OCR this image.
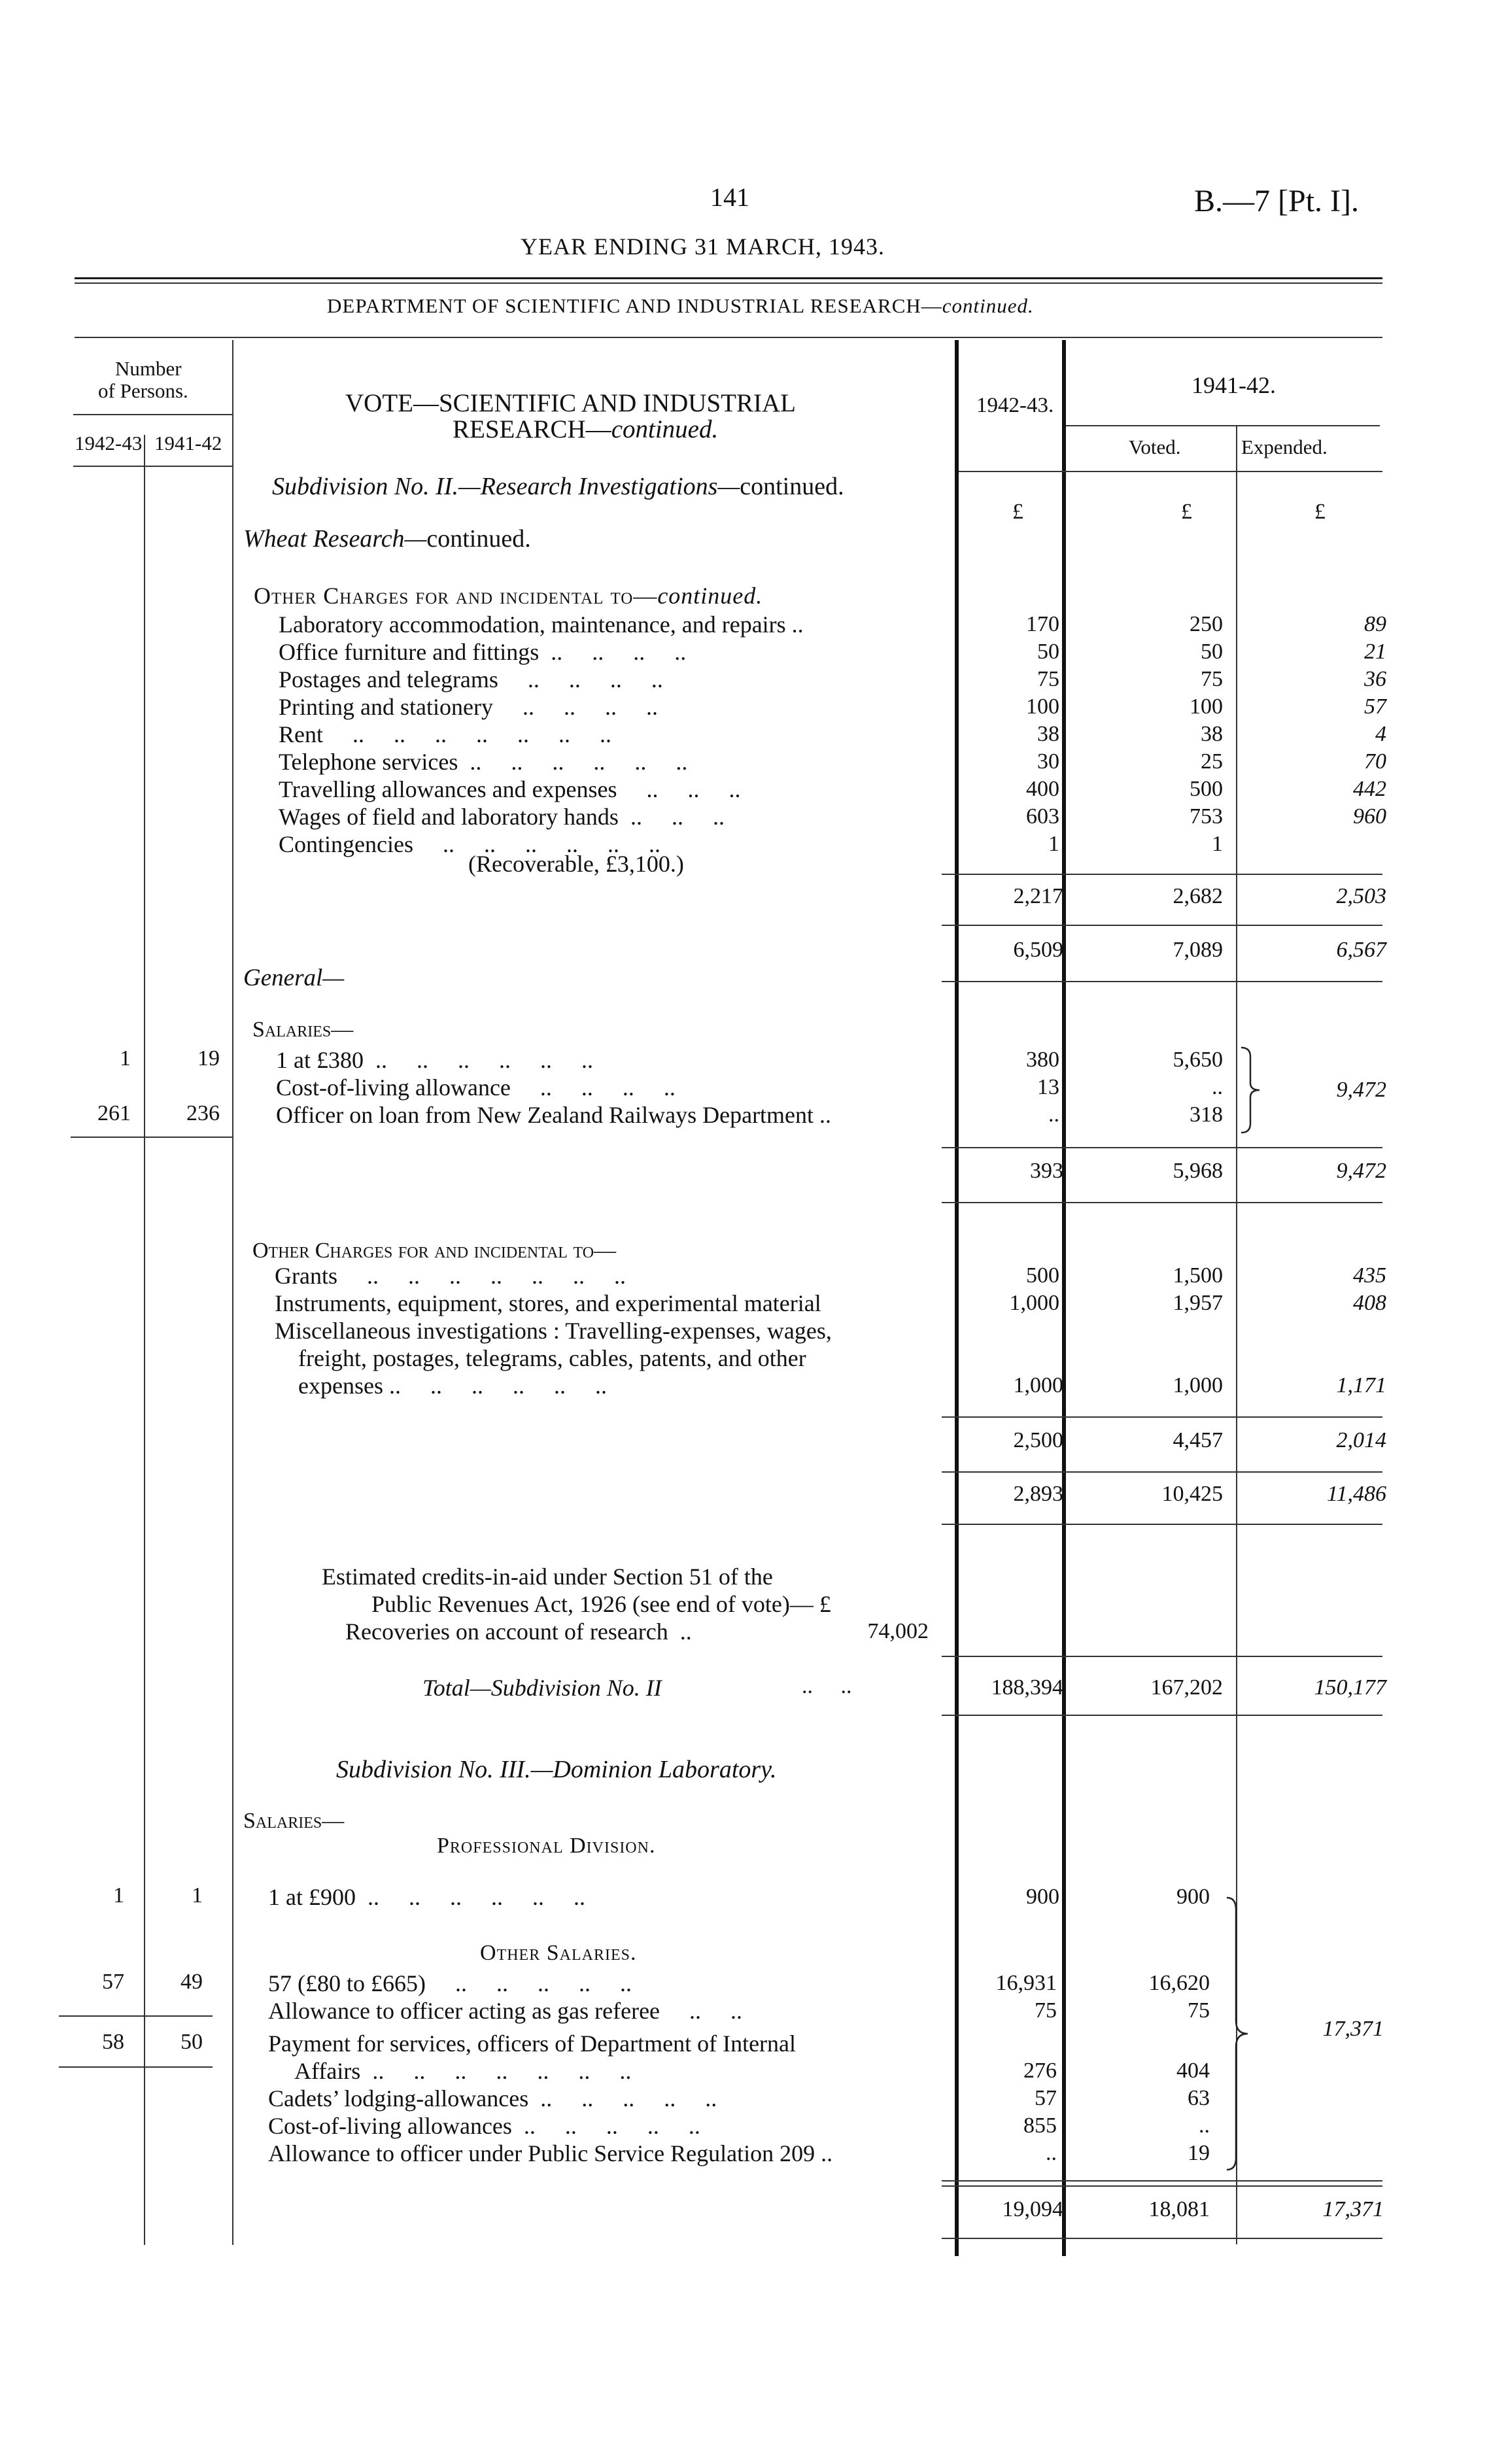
141	B.—7 [Pt. I].
YEAR ENDING 31 MARCH, 1943.
DEPARTMENT OF SCIENTIFIC AND INDUSTRIAL RESEARCH—continued.
Number
of Persons.
1942-43 1941-42
VOTE—SCIENTIFIC AND INDUSTRIAL
RESEARCH—continued.
1942-43.
1941-42.
Voted.	Expended.
Subdivision No. II.—Research Investigations—continued.
Wheat Research—continued.
£	£	£
Other Charges for and incidental to—continued.
Laboratory accommodation, maintenance, and repairs ..	170	250	89
Office furniture and fittings  ..     ..     ..     ..	50	50	21
Postages and telegrams     ..     ..     ..     ..	75	75	36
Printing and stationery     ..     ..     ..     ..	100	100	57
Rent     ..     ..     ..     ..     ..     ..     ..	38	38	4
Telephone services  ..     ..     ..     ..     ..     ..	30	25	70
Travelling allowances and expenses     ..     ..     ..	400	500	442
Wages of field and laboratory hands  ..     ..     ..	603	753	960
Contingencies     ..     ..     ..     ..     ..     ..	1	1
(Recoverable, £3,100.)
2,217	2,682	2,503
6,509	7,089	6,567
General—
Salaries—
1	19 1 at £380  ..     ..     ..     ..     ..     ..	380	5,650
Cost-of-living allowance     ..     ..     ..     ..	13	..
261	236 Officer on loan from New Zealand Railways Department ..	..	318
9,472
393	5,968	9,472
Other Charges for and incidental to—
Grants     ..     ..     ..     ..     ..     ..     ..	500	1,500	435
Instruments, equipment, stores, and experimental material	1,000	1,957	408
Miscellaneous investigations : Travelling-expenses, wages,
freight, postages, telegrams, cables, patents, and other
expenses ..     ..     ..     ..     ..     ..	1,000	1,000	1,171
2,500	4,457	2,014
2,893	10,425	11,486
Estimated credits-in-aid under Section 51 of the
Public Revenues Act, 1926 (see end of vote)— £
Recoveries on account of research  ..	74,002
Total—Subdivision No. II	..     ..	188,394	167,202	150,177
Subdivision No. III.—Dominion Laboratory.
Salaries—
Professional Division.
1	1	1 at £900  ..     ..     ..     ..     ..     ..	900	900
Other Salaries.
57	49	57 (£80 to £665)     ..     ..     ..     ..     ..	16,931	16,620
Allowance to officer acting as gas referee     ..     ..	75	75
58	50	Payment for services, officers of Department of Internal
Affairs  ..     ..     ..     ..     ..     ..     ..	276	404
Cadets’ lodging-allowances  ..     ..     ..     ..     ..	57	63
Cost-of-living allowances  ..     ..     ..     ..     ..	855	..
Allowance to officer under Public Service Regulation 209 ..	..	19
17,371
19,094	18,081	17,371
